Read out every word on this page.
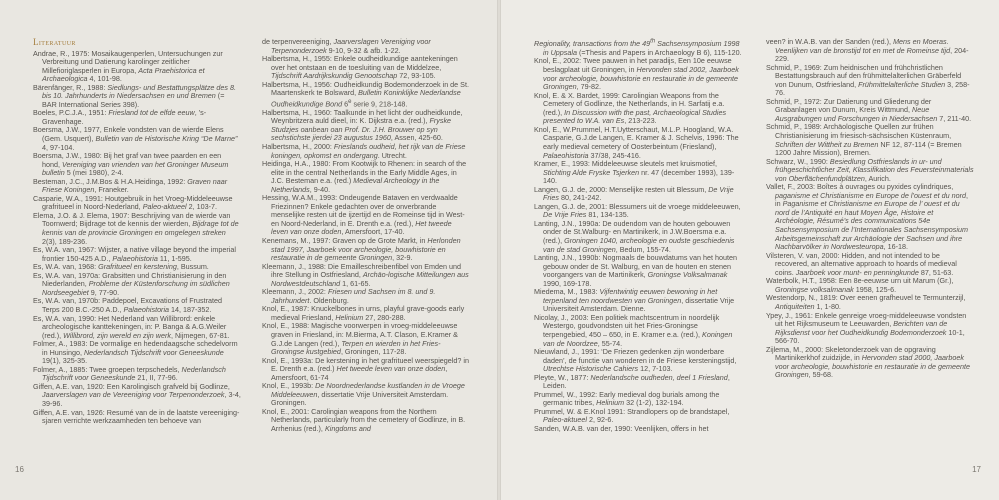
Literatuur

Andrae, R., 1975: Mosaikaugenperlen, Untersuchungen zur Verbreitung und Datierung karolinger zeitlicher Millefioriglasperlen in Europa, Acta Praehistorica et Archaeologica 4, 101-98.

Bärenfänger, R., 1988: Siedlungs- und Bestattungsplätze des 8. bis 10. Jahrhunderts in Niedersachsen en und Bremen (= BAR International Series 398).

Boeles, P.C.J.A., 1951: Friesland tot de elfde eeuw, ’s-Gravenhage.

Boersma, J.W., 1977, Enkele vondsten van de wierde Elens (Gem. Usquert), Bulletin van de Historische Kring “De Marne” 4, 97-104.

Boersma, J.W., 1980: Bij het graf van twee paarden en een hond, Vereniging van vrienden van het Groninger Museum bulletin 5 (mei 1980), 2-4.

Besteman, J.C., J.M.Bos & H.A.Heidinga, 1992: Graven naar Friese Koningen, Franeker.

Casparie, W.A., 1991: Houtgebruik in het Vroeg-Middeleeuwse grafritueel in Noord-Nederland, Paleo-aktueel 2, 103-7.

Elema, J.O. & J. Elema, 1907: Beschrijving van de wierde van Toornwerd; Bijdrage tot de kennis der wierden, Bijdrage tot de kennis van de provincie Groningen en omgelegen streken 2(3), 189-236.

Es, W.A. van, 1967: Wijster, a native village beyond the imperial frontier 150-425 A.D., Palaeohistoria 11, 1-595.

Es, W.A. van, 1968: Grafritueel en kerstening, Bussum.

Es, W.A. van, 1970a: Grabsitten und Christianisierung in den Niederlanden, Probleme der Küstenforschung im südlichen Nordseegebiet 9, 77-90.

Es, W.A. van, 1970b: Paddepoel, Excavations of Frustrated Terps 200 B.C.-250 A.D., Palaeohistoria 14, 187-352.

Es, W.A. van, 1990: Het Nederland van Willibrord: enkele archeologische kanttekeningen, in: P. Banga & A.G.Weiler (red.), Willibrord, zijn wereld en zijn werk, Nijmegen, 67-81.

Folmer, A., 1983: De vormalige en hedendaagsche schedelvorm in Hunsingo, Nederlandsch Tijdschrift voor Geneeskunde 19(1), 325-35.

Folmer, A., 1885: Twee groepen terpschedels, Nederlandsch Tijdschrift voor Geneeskunde 21, II, 77-96.

Giffen, A.E. van, 1920: Een Karolingisch grafveld bij Godlinze, Jaarverslagen van de Vereeniging voor Terpenonderzoek, 3-4, 39-96.

Giffen, A.E. van, 1926: Resumé van de in de laatste vereenigingsjaren verrichte werkzaamheden ten behoeve van

de terpenvereeniging, Jaarverslagen Vereniging voor Terpenonderzoek 9-10, 9-32 & afb. 1-22.

Halbertsma, H., 1955: Enkele oudheidkundige aantekeningen over het ontstaan en de toesluiting van de Middelzee, Tijdschrift Aardrijkskundig Genootschap 72, 93-105.

Halbertsma, H., 1956: Oudheidkundig Bodemonderzoek in de St. Maartenskerk te Bolsward, Bulletin Koninklijke Nederlandse Oudheidkundige Bond 6e serie 9, 218-148.

Halbertsma, H., 1960: Taalkunde in het licht der oudheidkunde, Weynbritzera auld dieel, in: K. Dijkstra e.a. (red.), Fryske Studzjes oanbean oan Prof. Dr. J.H. Brouwer op syn sechstichste jierdei 23 augustus 1960, Assen, 425-60.

Halbertsma, H., 2000: Frieslands oudheid, het rijk van de Friese koningen, opkomst en ondergang. Utrecht.

Heidinga, H.A., 1980: From Kootwijk to Rhenen: in search of the elite in the central Netherlands in the Early Middle Ages, in J.C. Besteman e.a. (red.) Medieval Archeology in the Netherlands, 9-40.

Hessing, W.A.M., 1993: Ondeugende Bataven en verdwaalde Friezinnen? Enkele gedachten over de onverbrande menselijke resten uit de ijzertijd en de Romeinse tijd in West- en Noord-Nederland, in E. Drenth e.a. (red.), Het tweede leven van onze doden, Amersfoort, 17-40.

Kenemans, M., 1997: Graven op de Grote Markt, in Herlonden stad 1997, Jaarboek voor archeologie, bouwhistorie en restauratie in de gemeente Groningen, 32-9.

Kleemann, J., 1988: Die Emailleschreibenfibel von Emden und ihre Stellung in Ostfriesland, Archäo-logische Mitteilungen aus Nordwestdeutschland 1, 61-65.

Kleemann, J., 2002: Friesen und Sachsen im 8. und 9. Jahrhundert. Oldenburg.

Knol, E., 1987: Knuckelbones in urns, playful grave-goods early medieval Friesland, Helinium 27, 280-288.

Knol, E., 1988: Magische voorwerpen in vroeg-middeleeuwse graven in Friesland, in: M.Bierma, A.T. Clason, E.Kramer & G.J.de Langen (red.), Terpen en wierden in het Fries-Groningse kustgebied, Groningen, 117-28.

Knol, E., 1993a: De kerstening in het grafritueel weerspiegeld? in E. Drenth e.a. (red.) Het tweede leven van onze doden, Amersfoort, 61-74

Knol, E., 1993b: De Noordnederlandse kustlanden in de Vroege Middeleeuwen, dissertatie Vrije Universiteit Amsterdam. Groningen.

Knol, E., 2001: Carolingian weapons from the Northern Netherlands, particularly from the cemetery of Godlinze, in B. Arrhenius (red.), Kingdoms and

16

Regionality, transactions from the 49th Sachsensymposium 1998 in Uppsala (=Thesis and Papers in Archaeology B 6), 115-120.

Knol, E., 2002: Twee pauwen in het paradijs, Een 10e eeuwse beslagplaat uit Groningen, in Hervonden stad 2002, Jaarboek voor archeologie, bouwhistorie en restauratie in de gemeente Groningen, 79-82.

Knol, E. & X. Bardet, 1999: Carolingian Weapons from the Cemetery of Godlinze, the Netherlands, in H. Sarfatij e.a. (red.), In Discussion with the past, Archaeological Studies presented to W.A. van Es, 213-223.

Knol, E., W.Prummel, H.T.Uytterschaut, M.L.P. Hoogland, W.A. Casparie, G.J.de Langen, E. Kramer & J. Schelvis, 1996: The early medieval cemetery of Oosterbeintum (Friesland), Palaeohistoria 37/38, 245-416.

Kramer, E., 1993: Middeleeuwse sleutels met kruismotief, Stichting Alde Fryske Tsjerken nr. 47 (december 1993), 139-140.

Langen, G.J. de, 2000: Menselijke resten uit Blessum, De Vrije Fries 80, 241-242.

Langen, G.J. de, 2001: Blessumers uit de vroege middeleeuwen, De Vrije Fries 81, 134-135.

Lanting, J.N., 1990a: De oudendom van de houten gebouwen onder de St.Walburg- en Martinikerk, in J.W.Boersma e.a. (red.), Groningen 1040, archeologie en oudste geschiedenis van de stad Groningen, Bedum, 155-74.

Lanting, J.N., 1990b: Nogmaals de bouwdatums van het houten gebouw onder de St. Walburg, en van de houten en stenen voorgangers van de Martinikerk, Groningse Volksalmanak 1990, 169-178.

Miedema, M., 1983: Vijfentwintig eeuwen bewoning in het terpenland ten noordwesten van Groningen, dissertatie Vrije Universiteit Amsterdam. Dienne.

Nicolay, J., 2003: Een politiek machtscentrum in noordelijk Westergo, goudvondsten uit het Fries-Groningse terpengebied, 450 – 650, in E. Kramer e.a. (red.), Koningen van de Noordzee, 55-74.

Nieuwland, J., 1991: ‘De Friezen gedenken zijn wonderbare daden’, de functie van wonderen in de Friese kersteningstijd, Utrechtse Historische Cahiers 12, 7-103.

Pleyte, W., 1877: Nederlandsche oudheden, deel 1 Friesland, Leiden.

Prummel, W., 1992: Early medieval dog burials among the germanic tribes, Helinium 32 (1-2), 132-194.

Prummel, W. & E.Knol 1991: Strandlopers op de brandstapel, Paleo-aktueel 2, 92-6.

Sanden, W.A.B. van der, 1990: Veenlijken, offers in het

veen? in W.A.B. van der Sanden (red.), Mens en Moeras. Veenlijken van de bronstijd tot en met de Romeinse tijd, 204-229.

Schmid, P., 1969: Zum heidnischen und frühchristlichen Bestattungsbrauch auf den frühmittelalterlichen Gräberfeld von Dunum, Ostfriesland, Frühmittelalterliche Studien 3, 258-76.

Schmid, P., 1972: Zur Datierung und Gliederung der Grabanlagen von Dunum, Kreis Wittmund, Neue Ausgrabungen und Forschungen in Niedersachsen 7, 211-40.

Schmid, P., 1989: Archäologische Quellen zur frühen Christianisierung im friesisch-sächsischen Küstenraum, Schriften der Wittheit zu Bremen NF 12, 87-114 (= Bremen 1200 Jahre Mission), Bremen.

Schwarz, W., 1990: Besiedlung Ostfrieslands in ur- und frühgeschichtlicher Zeit, Klassifikation des Feuersteinmaterials von Oberflächenfundplätzen, Aurich.

Vallet, F., 2003: Boîtes à ouvrages ou pyxides cylindriques, paganisme et Christianisme en Europe de l’ouest et du nord, in Paganisme et Christianisme en Europe de l’ ouest et du nord de l’Antiquité en haut Moyen Âge, Histoire et Archéologie, Résumé’s des communications 54e Sachsensymposium de l’Internationales Sachsensymposium Arbeitsgemeinschaft zur Archäologie der Sachsen und ihre Nachbarvölker in Nordwesteuropa, 16-18.

Vilsteren, V. van, 2000: Hidden, and not intended to be recovered, an alternative approach to hoards of medieval coins. Jaarboek voor munt- en penningkunde 87, 51-63.

Waterbolk, H.T., 1958: Een 8e-eeuwse urn uit Marum (Gr.), Groningse volksalmanak 1958, 125-6.

Westendorp, N., 1819: Over eenen grafheuvel te Termunterzijl, Antiquiteiten 1, 1-80.

Ypey, J., 1961: Enkele genreige vroeg-middeleeuwse vondsten uit het Rijksmuseum te Leeuwarden, Berichten van de Rijksdienst voor het Oudheidkundig Bodemonderzoek 10-1, 566-70.

Zijlema, M., 2000: Skeletonderzoek van de opgraving Martinikerkhof zuidzijde, in Hervonden stad 2000, Jaarboek voor archeologie, bouwhistorie en restauratie in de gemeente Groningen, 59-68.

17
